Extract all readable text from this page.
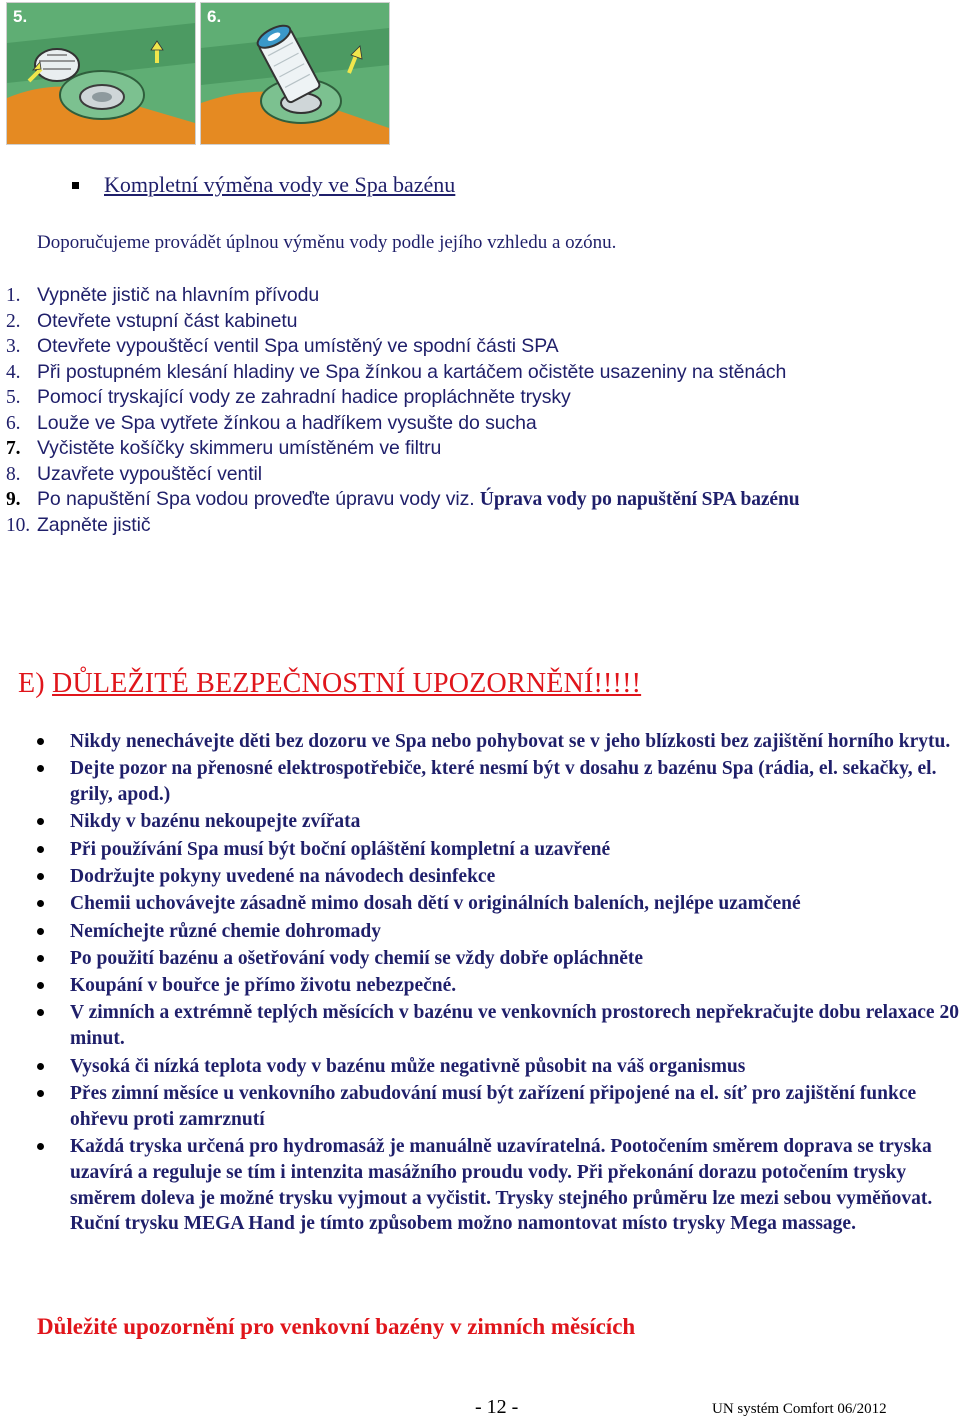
5.	6.
Kompletní výměna vody ve Spa bazénu
Doporučujeme provádět úplnou výměnu vody podle jejího vzhledu a ozónu.
1. Vypněte jistič na hlavním přívodu
2. Otevřete vstupní část kabinetu
3. Otevřete vypouštěcí ventil Spa umístěný ve spodní části SPA
4. Při postupném klesání hladiny ve Spa žínkou a kartáčem očistěte usazeniny na stěnách
5. Pomocí tryskající vody ze zahradní hadice propláchněte trysky
6. Louže ve Spa vytřete žínkou a hadříkem vysušte do sucha
7. Vyčistěte košíčky skimmeru umístěném ve filtru
8. Uzavřete vypouštěcí ventil
9. Po napuštění Spa vodou proveďte úpravu vody viz. Úprava vody po napuštění SPA bazénu
10. Zapněte jistič
E) DŮLEŽITÉ BEZPEČNOSTNÍ UPOZORNĚNÍ!!!!!
Nikdy nenechávejte děti bez dozoru ve Spa nebo pohybovat se v jeho blízkosti bez zajištění horního krytu.
Dejte pozor na přenosné elektrospotřebiče, které nesmí být v dosahu z bazénu Spa (rádia, el. sekačky, el. grily, apod.)
Nikdy v bazénu nekoupejte zvířata
Při používání Spa musí být boční opláštění kompletní a uzavřené
Dodržujte pokyny uvedené na návodech desinfekce
Chemii uchovávejte zásadně mimo dosah dětí v originálních baleních, nejlépe uzamčené
Nemíchejte různé chemie dohromady
Po použití bazénu a ošetřování vody chemií se vždy dobře opláchněte
Koupání v bouřce je přímo životu nebezpečné.
V zimních a extrémně teplých měsících v bazénu ve venkovních prostorech nepřekračujte dobu relaxace 20 minut.
Vysoká či nízká teplota vody v bazénu může negativně působit na váš organismus
Přes zimní měsíce u venkovního zabudování musí být zařízení připojené na el. síť pro zajištění funkce ohřevu proti zamrznutí
Každá tryska určená pro hydromasáž je manuálně uzavíratelná. Pootočením směrem doprava se tryska uzavírá a reguluje se tím i intenzita masážního proudu vody. Při překonání dorazu potočením trysky směrem doleva je možné trysku vyjmout a vyčistit. Trysky stejného průměru lze mezi sebou vyměňovat. Ruční trysku MEGA Hand je tímto způsobem možno namontovat místo trysky Mega massage.
Důležité upozornění pro venkovní bazény v zimních měsících
- 12 -	UN systém Comfort 06/2012
